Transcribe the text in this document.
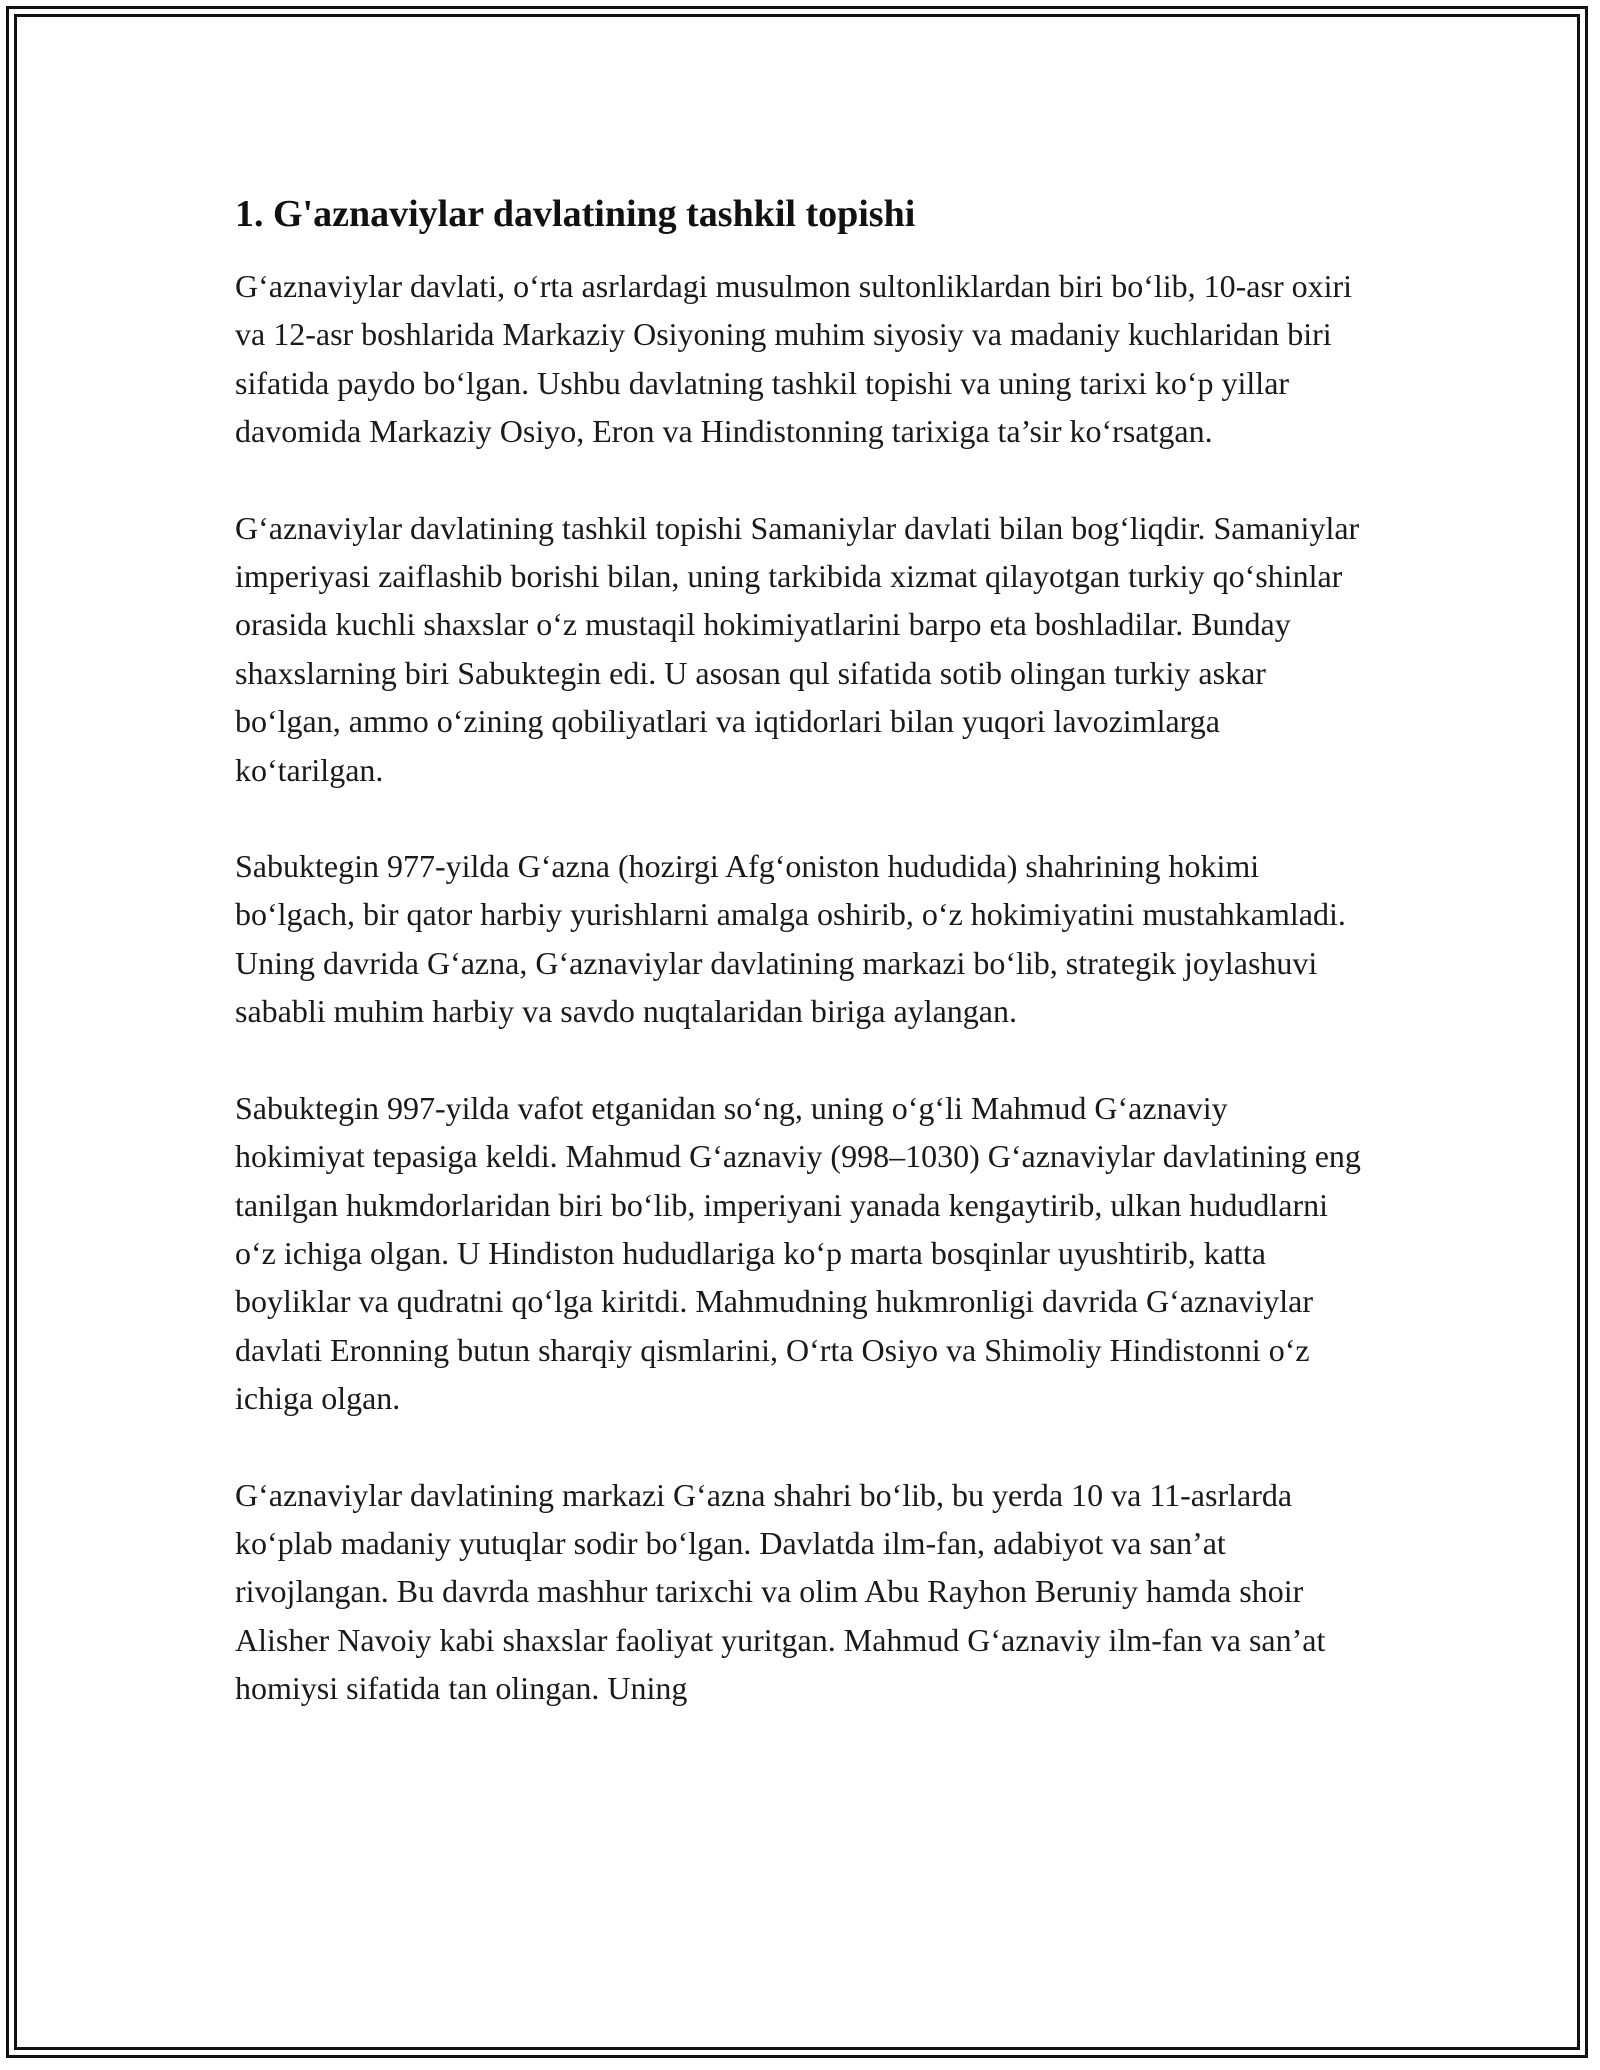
1. G'aznaviylar davlatining tashkil topishi

G‘aznaviylar davlati, o‘rta asrlardagi musulmon sultonliklardan biri bo‘lib, 10-asr oxiri va 12-asr boshlarida Markaziy Osiyoning muhim siyosiy va madaniy kuchlaridan biri sifatida paydo bo‘lgan. Ushbu davlatning tashkil topishi va uning tarixi ko‘p yillar davomida Markaziy Osiyo, Eron va Hindistonning tarixiga ta’sir ko‘rsatgan.

G‘aznaviylar davlatining tashkil topishi Samaniylar davlati bilan bog‘liqdir. Samaniylar imperiyasi zaiflashib borishi bilan, uning tarkibida xizmat qilayotgan turkiy qo‘shinlar orasida kuchli shaxslar o‘z mustaqil hokimiyatlarini barpo eta boshladilar. Bunday shaxslarning biri Sabuktegin edi. U asosan qul sifatida sotib olingan turkiy askar bo‘lgan, ammo o‘zining qobiliyatlari va iqtidorlari bilan yuqori lavozimlarga ko‘tarilgan.

Sabuktegin 977-yilda G‘azna (hozirgi Afg‘oniston hududida) shahrining hokimi bo‘lgach, bir qator harbiy yurishlarni amalga oshirib, o‘z hokimiyatini mustahkamladi. Uning davrida G‘azna, G‘aznaviylar davlatining markazi bo‘lib, strategik joylashuvi sababli muhim harbiy va savdo nuqtalaridan biriga aylangan.

Sabuktegin 997-yilda vafot etganidan so‘ng, uning o‘g‘li Mahmud G‘aznaviy hokimiyat tepasiga keldi. Mahmud G‘aznaviy (998–1030) G‘aznaviylar davlatining eng tanilgan hukmdorlaridan biri bo‘lib, imperiyani yanada kengaytirib, ulkan hududlarni o‘z ichiga olgan. U Hindiston hududlariga ko‘p marta bosqinlar uyushtirib, katta boyliklar va qudratni qo‘lga kiritdi. Mahmudning hukmronligi davrida G‘aznaviylar davlati Eronning butun sharqiy qismlarini, O‘rta Osiyo va Shimoliy Hindistonni o‘z ichiga olgan.

G‘aznaviylar davlatining markazi G‘azna shahri bo‘lib, bu yerda 10 va 11-asrlarda ko‘plab madaniy yutuqlar sodir bo‘lgan. Davlatda ilm-fan, adabiyot va san’at rivojlangan. Bu davrda mashhur tarixchi va olim Abu Rayhon Beruniy hamda shoir Alisher Navoiy kabi shaxslar faoliyat yuritgan. Mahmud G‘aznaviy ilm-fan va san’at homiysi sifatida tan olingan. Uning
